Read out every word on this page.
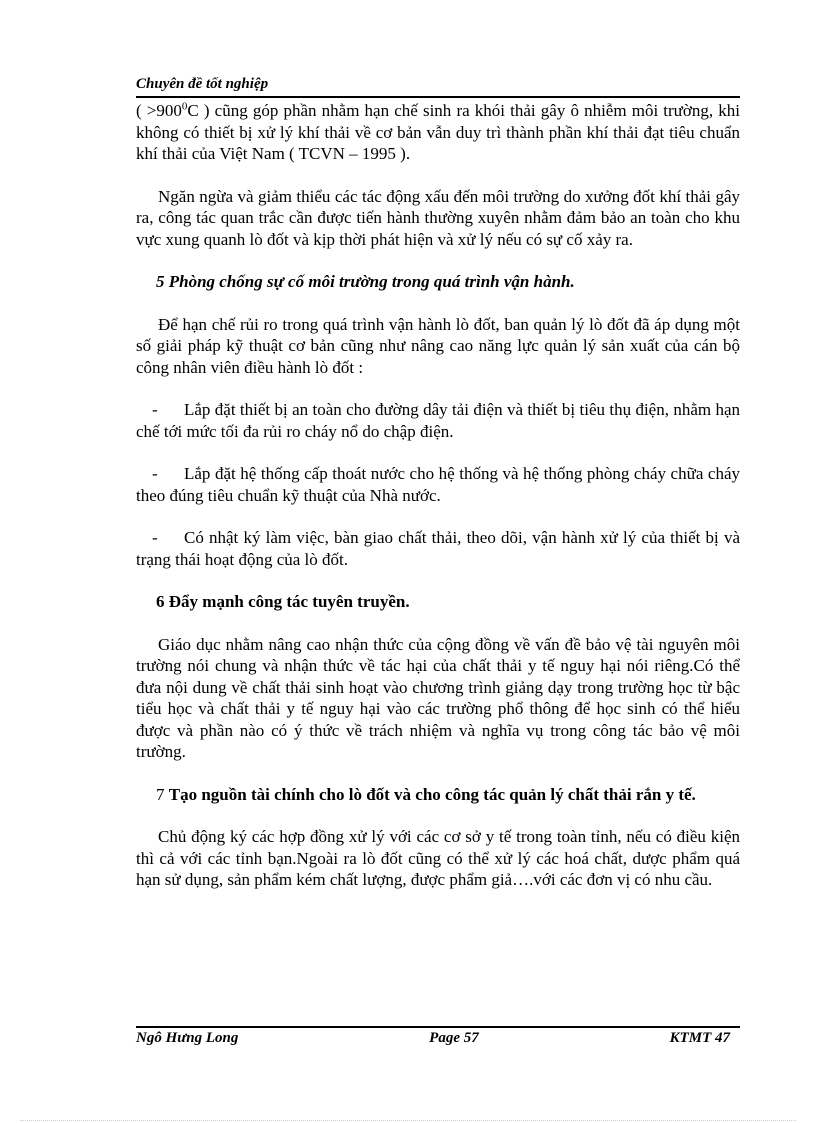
Chuyên đề tốt nghiệp

( $>900^0C$ ) cũng góp phần nhằm hạn chế sinh ra khói thải gây ô nhiễm môi trường, khi không có thiết bị xử lý khí thải về cơ bản vẫn duy trì thành phần khí thải đạt tiêu chuẩn khí thải của Việt Nam ( TCVN – 1995 ).

Ngăn ngừa và giảm thiểu các tác động xấu đến môi trường do xưởng đốt khí thải gây ra, công tác quan trắc cần được tiến hành thường xuyên nhằm đảm bảo an toàn cho khu vực xung quanh lò đốt và kịp thời phát hiện và xử lý nếu có sự cố xảy ra.

5 Phòng chống sự cố môi trường trong quá trình vận hành.

Để hạn chế rủi ro trong quá trình vận hành lò đốt, ban quản lý lò đốt đã áp dụng một số giải pháp kỹ thuật cơ bản cũng như nâng cao năng lực quản lý sản xuất của cán bộ công nhân viên điều hành lò đốt :

- Lắp đặt thiết bị an toàn cho đường dây tải điện và thiết bị tiêu thụ điện, nhằm hạn chế tới mức tối đa rủi ro cháy nổ do chập điện.

- Lắp đặt hệ thống cấp thoát nước cho hệ thống và hệ thống phòng cháy chữa cháy theo đúng tiêu chuẩn kỹ thuật của Nhà nước.

- Có nhật ký làm việc, bàn giao chất thải, theo dõi, vận hành xử lý của thiết bị và trạng thái hoạt động của lò đốt.

6 Đẩy mạnh công tác tuyên truyền.

Giáo dục nhằm nâng cao nhận thức của cộng đồng về vấn đề bảo vệ tài nguyên môi trường nói chung và nhận thức về tác hại của chất thải y tế nguy hại nói riêng.Có thể đưa nội dung về chất thải sinh hoạt vào chương trình giảng dạy trong trường học từ bậc tiểu học và chất thải y tế nguy hại vào các trường phổ thông để học sinh có thể hiểu được và phần nào có ý thức về trách nhiệm và nghĩa vụ trong công tác bảo vệ môi trường.

7 Tạo nguồn tài chính cho lò đốt và cho công tác quản lý chất thải rắn y tế.

Chủ động ký các hợp đồng xử lý với các cơ sở y tế trong toàn tỉnh, nếu có điều kiện thì cả với các tỉnh bạn.Ngoài ra lò đốt cũng có thể xử lý các hoá chất, dược phẩm quá hạn sử dụng, sản phẩm kém chất lượng, được phẩm giả….với các đơn vị có nhu cầu.

Ngô Hưng Long	Page 57	KTMT 47
